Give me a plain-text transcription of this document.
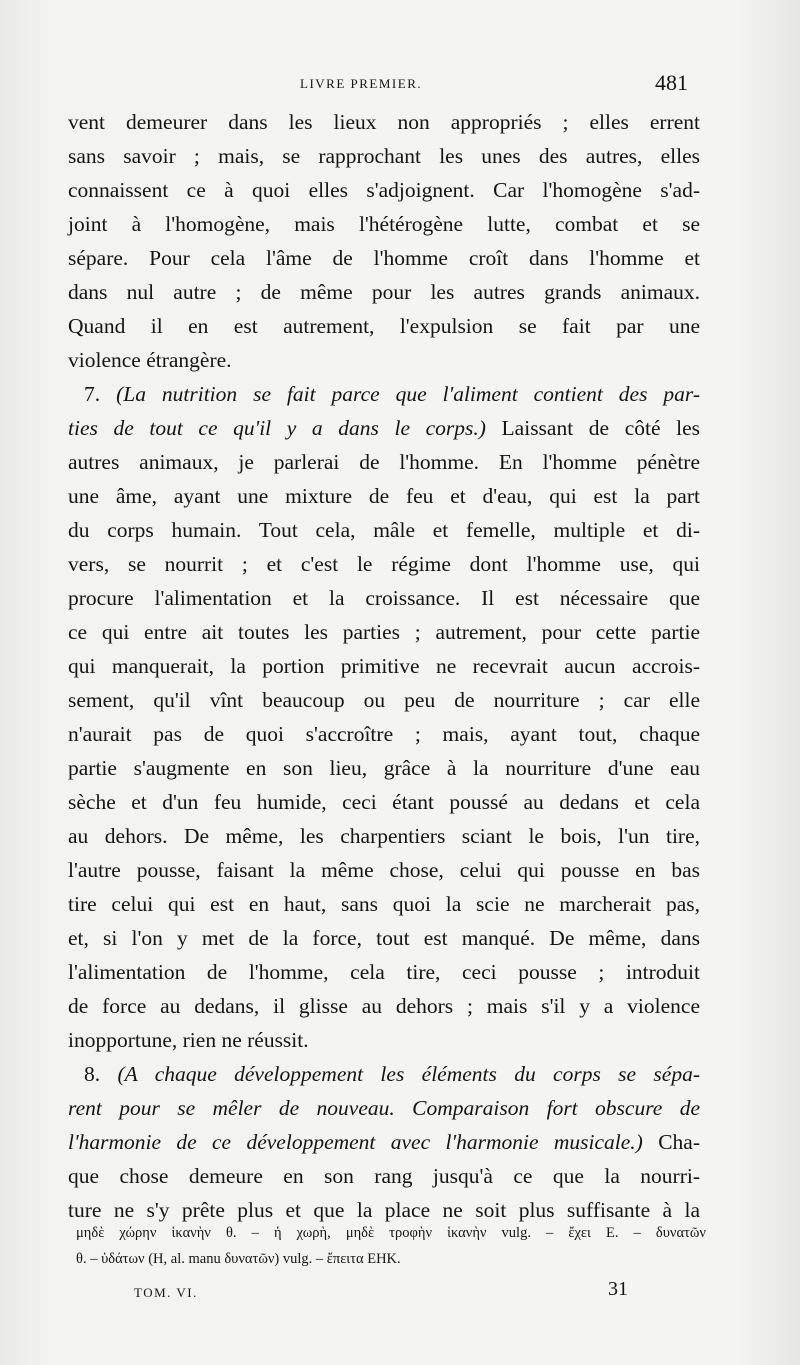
LIVRE PREMIER.	481
vent demeurer dans les lieux non appropriés ; elles errent
sans savoir ; mais, se rapprochant les unes des autres, elles
connaissent ce à quoi elles s'adjoignent. Car l'homogène s'ad-
joint à l'homogène, mais l'hétérogène lutte, combat et se
sépare. Pour cela l'âme de l'homme croît dans l'homme et
dans nul autre ; de même pour les autres grands animaux.
Quand il en est autrement, l'expulsion se fait par une
violence étrangère.
7. (La nutrition se fait parce que l'aliment contient des par-
ties de tout ce qu'il y a dans le corps.) Laissant de côté les
autres animaux, je parlerai de l'homme. En l'homme pénètre
une âme, ayant une mixture de feu et d'eau, qui est la part
du corps humain. Tout cela, mâle et femelle, multiple et di-
vers, se nourrit ; et c'est le régime dont l'homme use, qui
procure l'alimentation et la croissance. Il est nécessaire que
ce qui entre ait toutes les parties ; autrement, pour cette partie
qui manquerait, la portion primitive ne recevrait aucun accrois-
sement, qu'il vînt beaucoup ou peu de nourriture ; car elle
n'aurait pas de quoi s'accroître ; mais, ayant tout, chaque
partie s'augmente en son lieu, grâce à la nourriture d'une eau
sèche et d'un feu humide, ceci étant poussé au dedans et cela
au dehors. De même, les charpentiers sciant le bois, l'un tire,
l'autre pousse, faisant la même chose, celui qui pousse en bas
tire celui qui est en haut, sans quoi la scie ne marcherait pas,
et, si l'on y met de la force, tout est manqué. De même, dans
l'alimentation de l'homme, cela tire, ceci pousse ; introduit
de force au dedans, il glisse au dehors ; mais s'il y a violence
inopportune, rien ne réussit.
8. (A chaque développement les éléments du corps se sépa-
rent pour se mêler de nouveau. Comparaison fort obscure de
l'harmonie de ce développement avec l'harmonie musicale.) Cha-
que chose demeure en son rang jusqu'à ce que la nourri-
ture ne s'y prête plus et que la place ne soit plus suffisante à la
μηδὲ χώρην ἱκανὴν θ. – ἡ χωρὴ, μηδὲ τροφὴν ἱκανὴν vulg. – ἔχει E. – δυνατῶν
θ. – ὑδάτων (H, al. manu δυνατῶν) vulg. – ἔπειτα EHK.
TOM. VI.	31
